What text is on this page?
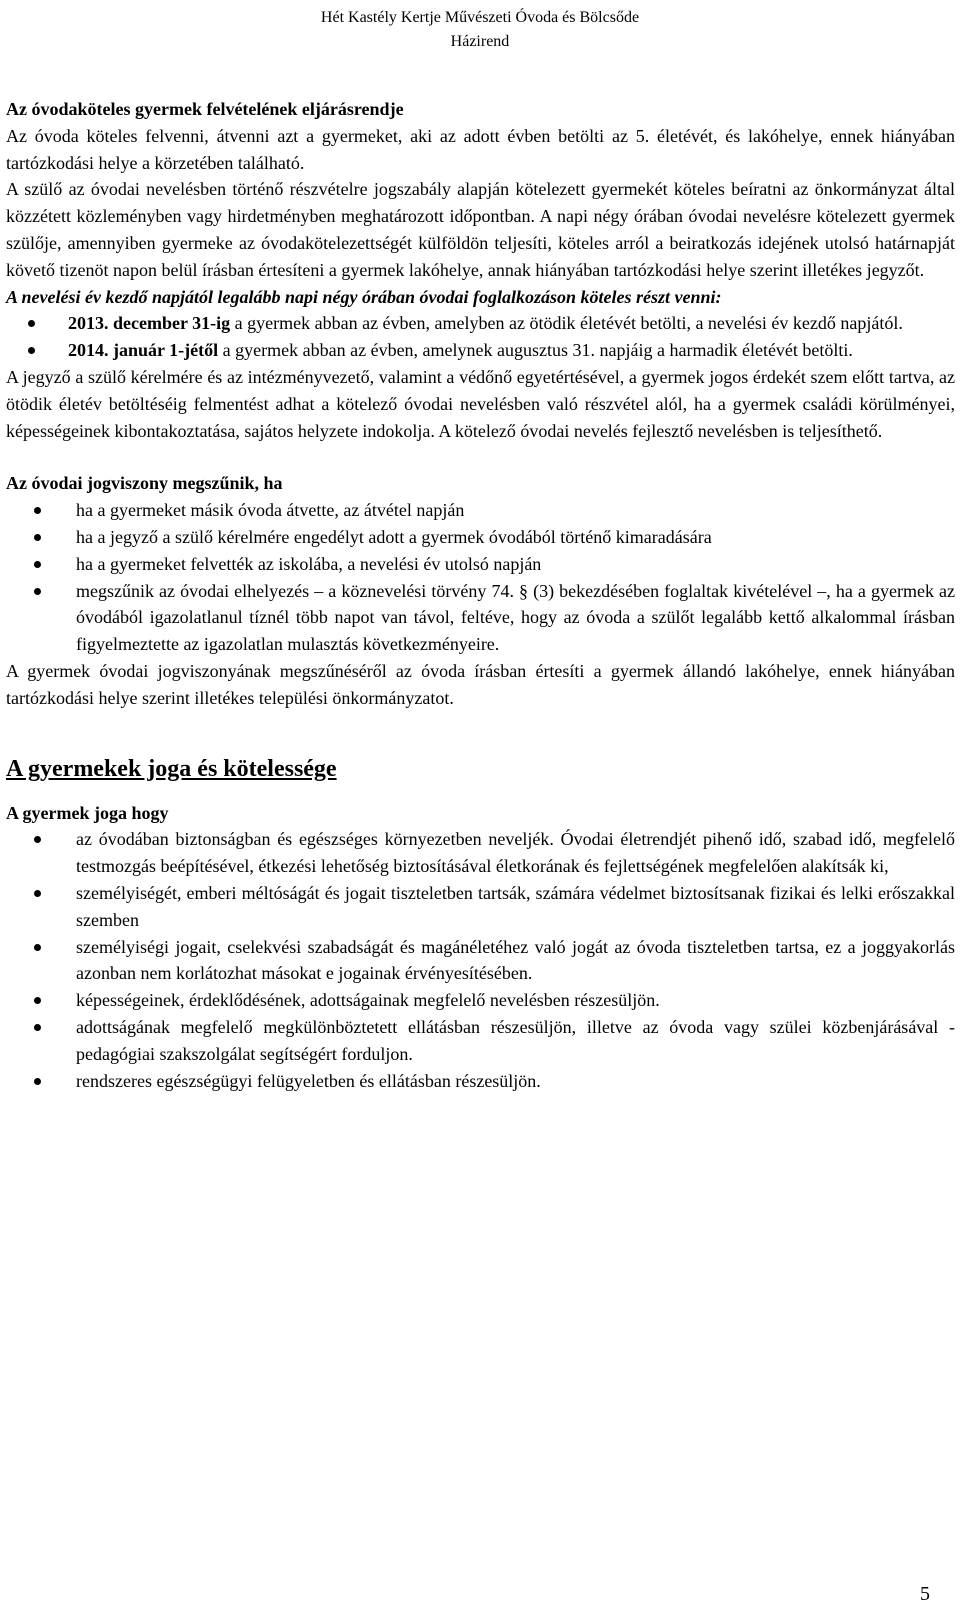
Hét Kastély Kertje Művészeti Óvoda és Bölcsőde
Házirend

Az óvodaköteles gyermek felvételének eljárásrendje

Az óvoda köteles felvenni, átvenni azt a gyermeket, aki az adott évben betölti az 5. életévét, és lakóhelye, ennek hiányában tartózkodási helye a körzetében található.

A szülő az óvodai nevelésben történő részvételre jogszabály alapján kötelezett gyermekét köteles beíratni az önkormányzat által közzétett közleményben vagy hirdetményben meghatározott időpontban. A napi négy órában óvodai nevelésre kötelezett gyermek szülője, amennyiben gyermeke az óvodakötelezettségét külföldön teljesíti, köteles arról a beiratkozás idejének utolsó határnapját követő tizenöt napon belül írásban értesíteni a gyermek lakóhelye, annak hiányában tartózkodási helye szerint illetékes jegyzőt.

A nevelési év kezdő napjától legalább napi négy órában óvodai foglalkozáson köteles részt venni:

2013. december 31-ig a gyermek abban az évben, amelyben az ötödik életévét betölti, a nevelési év kezdő napjától.
2014. január 1-jétől a gyermek abban az évben, amelynek augusztus 31. napjáig a harmadik életévét betölti.

A jegyző a szülő kérelmére és az intézményvezető, valamint a védőnő egyetértésével, a gyermek jogos érdekét szem előtt tartva, az ötödik életév betöltéséig felmentést adhat a kötelező óvodai nevelésben való részvétel alól, ha a gyermek családi körülményei, képességeinek kibontakoztatása, sajátos helyzete indokolja. A kötelező óvodai nevelés fejlesztő nevelésben is teljesíthető.

Az óvodai jogviszony megszűnik, ha

ha a gyermeket másik óvoda átvette, az átvétel napján
ha a jegyző a szülő kérelmére engedélyt adott a gyermek óvodából történő kimaradására
ha a gyermeket felvették az iskolába, a nevelési év utolsó napján
megszűnik az óvodai elhelyezés – a köznevelési törvény 74. § (3) bekezdésében foglaltak kivételével –, ha a gyermek az óvodából igazolatlanul tíznél több napot van távol, feltéve, hogy az óvoda a szülőt legalább kettő alkalommal írásban figyelmeztette az igazolatlan mulasztás következményeire.

A gyermek óvodai jogviszonyának megszűnéséről az óvoda írásban értesíti a gyermek állandó lakóhelye, ennek hiányában tartózkodási helye szerint illetékes települési önkormányzatot.

A gyermekek joga és kötelessége

A gyermek joga hogy

az óvodában biztonságban és egészséges környezetben neveljék. Óvodai életrendjét pihenő idő, szabad idő, megfelelő testmozgás beépítésével, étkezési lehetőség biztosításával életkorának és fejlettségének megfelelően alakítsák ki,
személyiségét, emberi méltóságát és jogait tiszteletben tartsák, számára védelmet biztosítsanak fizikai és lelki erőszakkal szemben
személyiségi jogait, cselekvési szabadságát és magánéletéhez való jogát az óvoda tiszteletben tartsa, ez a joggyakorlás azonban nem korlátozhat másokat e jogainak érvényesítésében.
képességeinek, érdeklődésének, adottságainak megfelelő nevelésben részesüljön.
adottságának megfelelő megkülönböztetett ellátásban részesüljön, illetve az óvoda vagy szülei közbenjárásával - pedagógiai szakszolgálat segítségért forduljon.
rendszeres egészségügyi felügyeletben és ellátásban részesüljön.
5
